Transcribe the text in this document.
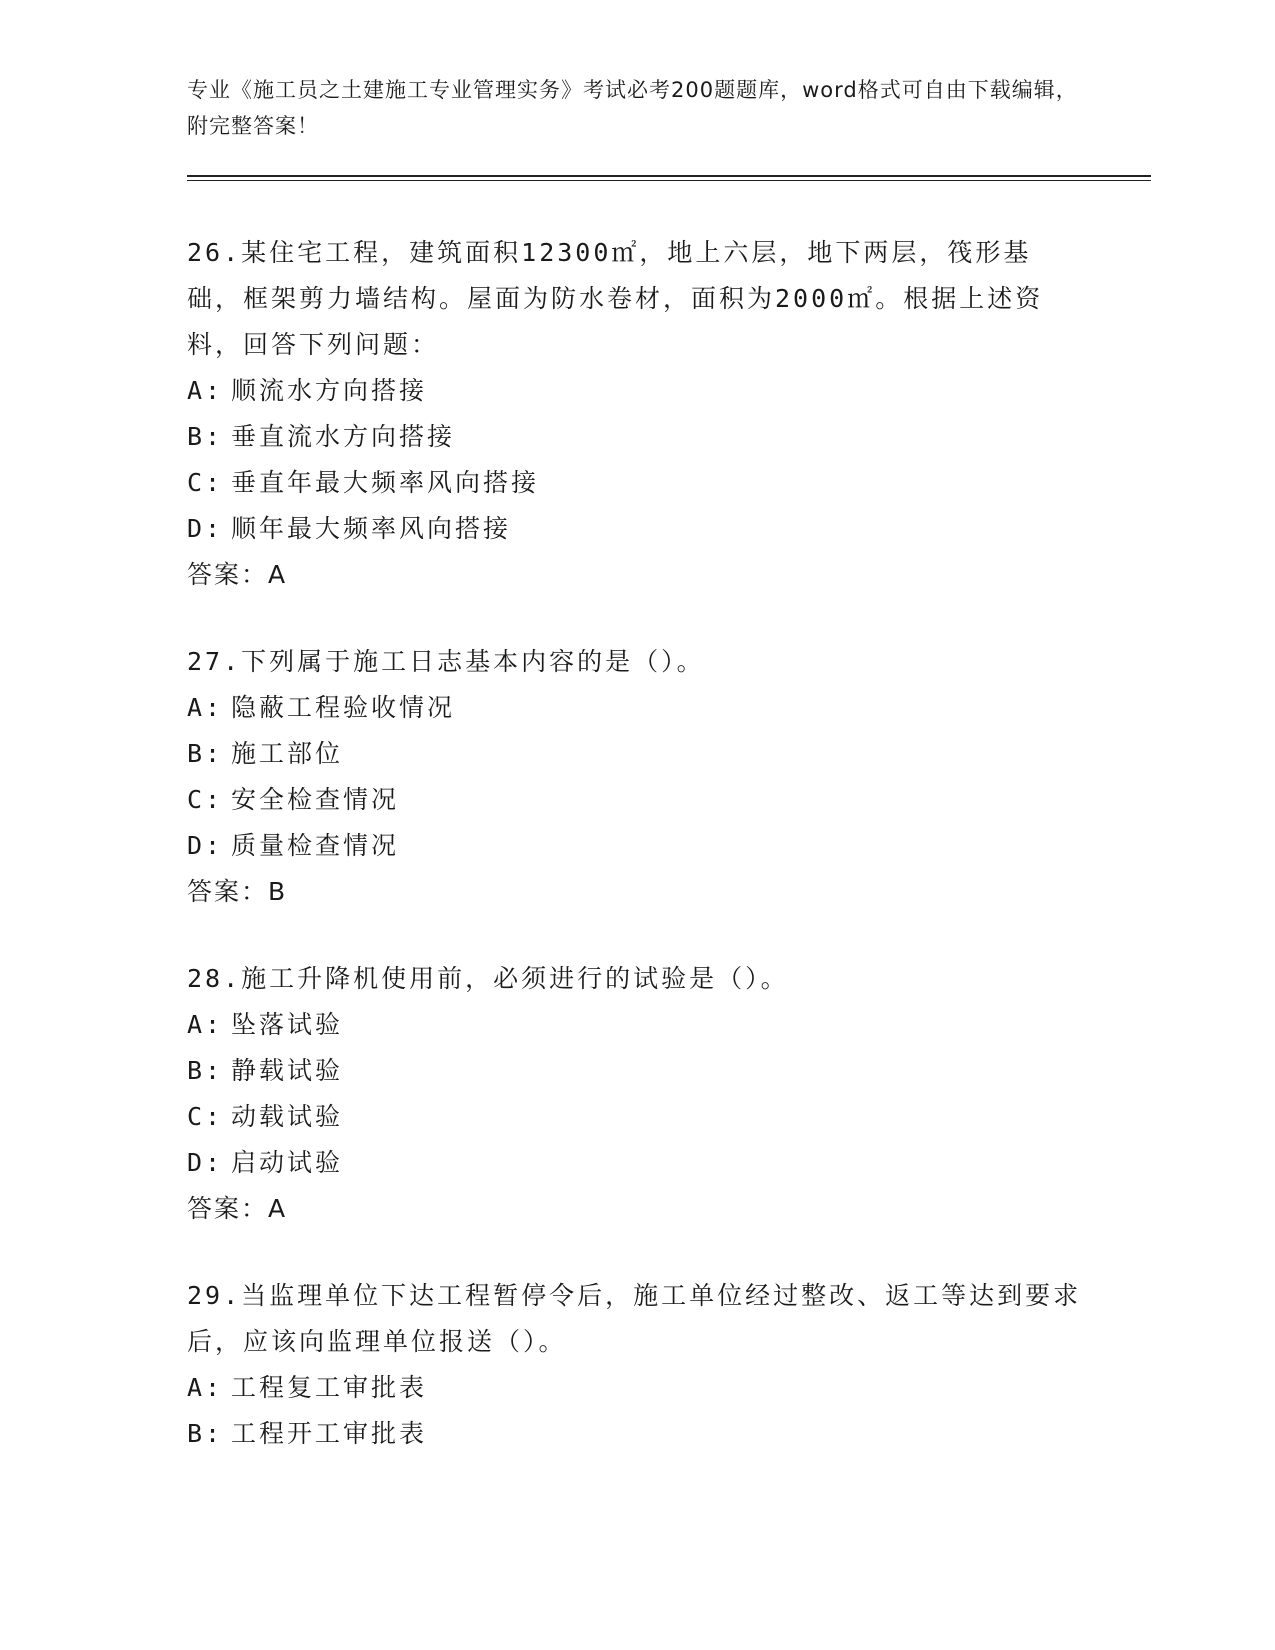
专业《施工员之土建施工专业管理实务》考试必考200题题库，word格式可自由下载编辑，附完整答案！

26.某住宅工程，建筑面积12300㎡，地上六层，地下两层，筏形基础，框架剪力墙结构。屋面为防水卷材，面积为2000㎡。根据上述资料，回答下列问题：

A: 顺流水方向搭接

B: 垂直流水方向搭接

C: 垂直年最大频率风向搭接

D: 顺年最大频率风向搭接

答案：A

27.下列属于施工日志基本内容的是（）。

A: 隐蔽工程验收情况

B: 施工部位

C: 安全检查情况

D: 质量检查情况

答案：B

28.施工升降机使用前，必须进行的试验是（）。

A: 坠落试验

B: 静载试验

C: 动载试验

D: 启动试验

答案：A

29.当监理单位下达工程暂停令后，施工单位经过整改、返工等达到要求后，应该向监理单位报送（）。

A: 工程复工审批表

B: 工程开工审批表
